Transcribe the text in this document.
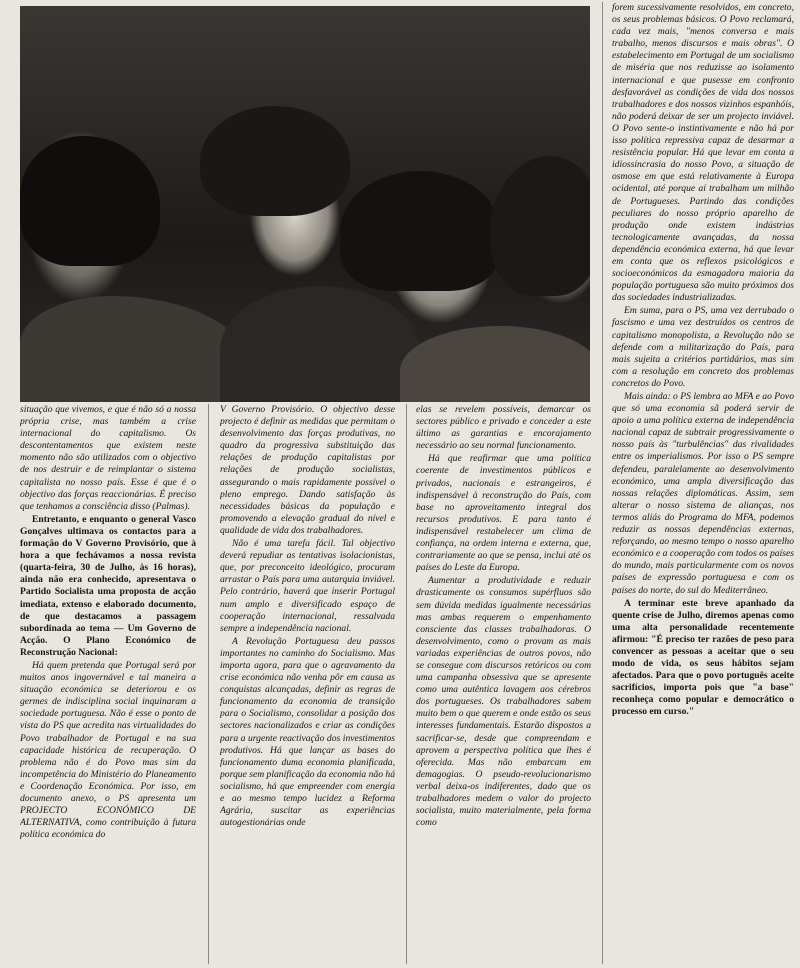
situação que vivemos, e que é não só a nossa própria crise, mas também a crise internacional do capitalismo. Os descontentamentos que existem neste momento não são utilizados com o objectivo de nos destruir e de reimplantar o sistema capitalista no nosso país. Esse é que é o objectivo das forças reaccionárias. É preciso que tenhamos a consciência disso (Palmas).

Entretanto, e enquanto o general Vasco Gonçalves ultimava os contactos para a formação do V Governo Provisório, que à hora a que fechávamos a nossa revista (quarta-feira, 30 de Julho, às 16 horas), ainda não era conhecido, apresentava o Partido Socialista uma proposta de acção imediata, extenso e elaborado documento, de que destacamos a passagem subordinada ao tema — Um Governo de Acção. O Plano Económico de Reconstrução Nacional:

Há quem pretenda que Portugal será por muitos anos ingovernável e tal maneira a situação económica se deteriorou e os germes de indisciplina social inquinaram a sociedade portuguesa. Não é esse o ponto de vista do PS que acredita nas virtualidades do Povo trabalhador de Portugal e na sua capacidade histórica de recuperação. O problema não é do Povo mas sim da incompetência do Ministério do Planeamento e Coordenação Económica. Por isso, em documento anexo, o PS apresenta um PROJECTO ECONÓMICO DE ALTERNATIVA, como contribuição à futura política económica do

V Governo Provisório. O objectivo desse projecto é definir as medidas que permitam o desenvolvimento das forças produtivas, no quadro da progressiva substituição das relações de produção capitalistas por relações de produção socialistas, assegurando o mais rapidamente possível o pleno emprego. Dando satisfação às necessidades básicas da população e promovendo a elevação gradual do nível e qualidade de vida dos trabalhadores.

Não é uma tarefa fácil. Tal objectivo deverá repudiar as tentativas isolacionistas, que, por preconceito ideológico, procuram arrastar o País para uma autarquia inviável. Pelo contrário, haverá que inserir Portugal num amplo e diversificado espaço de cooperação internacional, ressalvada sempre a independência nacional.

A Revolução Portuguesa deu passos importantes no caminho do Socialismo. Mas importa agora, para que o agravamento da crise económica não venha pôr em causa as conquistas alcançadas, definir as regras de funcionamento da economia de transição para o Socialismo, consolidar a posição dos sectores nacionalizados e criar as condições para a urgente reactivação dos investimentos produtivos. Há que lançar as bases do funcionamento duma economia planificada, porque sem planificação da economia não há socialismo, há que empreender com energia e ao mesmo tempo lucidez a Reforma Agrária, suscitar as experiências autogestionárias onde

elas se revelem possíveis, demarcar os sectores público e privado e conceder a este último as garantias e encorajamento necessário ao seu normal funcionamento.

Há que reafirmar que uma política coerente de investimentos públicos e privados, nacionais e estrangeiros, é indispensável à reconstrução do País, com base no aproveitamento integral dos recursos produtivos. E para tanto é indispensável restabelecer um clima de confiança, na ordem interna e externa, que, contrariamente ao que se pensa, inclui até os países do Leste da Europa.

Aumentar a produtividade e reduzir drasticamente os consumos supérfluos são sem dúvida medidas igualmente necessárias mas ambas requerem o empenhamento consciente das classes trabalhadoras. O desenvolvimento, como o provam as mais variadas experiências de outros povos, não se consegue com discursos retóricos ou com uma campanha obsessiva que se apresente como uma autêntica lavagem aos cérebros dos portugueses. Os trabalhadores sabem muito bem o que querem e onde estão os seus interesses fundamentais. Estarão dispostos a sacrificar-se, desde que compreendam e aprovem a perspectiva política que lhes é oferecida. Mas não embarcam em demagogias. O pseudo-revolucionarismo verbal deixa-os indiferentes, dado que os trabalhadores medem o valor do projecto socialista, muito materialmente, pela forma como

forem sucessivamente resolvidos, em concreto, os seus problemas básicos. O Povo reclamará, cada vez mais, "menos conversa e mais trabalho, menos discursos e mais obras". O estabelecimento em Portugal de um socialismo de miséria que nos reduzisse ao isolamento internacional e que pusesse em confronto desfavorável as condições de vida dos nossos trabalhadores e dos nossos vizinhos espanhóis, não poderá deixar de ser um projecto inviável. O Povo sente-o instintivamente e não há por isso política repressiva capaz de desarmar a resistência popular. Há que levar em conta a idiossincrasia do nosso Povo, a situação de osmose em que está relativamente à Europa ocidental, até porque aí trabalham um milhão de Portugueses. Partindo das condições peculiares do nosso próprio aparelho de produção onde existem indústrias tecnologicamente avançadas, da nossa dependência económica externa, há que levar em conta que os reflexos psicológicos e socioeconómicos da esmagadora maioria da população portuguesa são muito próximos dos das sociedades industrializadas.

Em suma, para o PS, uma vez derrubado o fascismo e uma vez destruídos os centros de capitalismo monopolista, a Revolução não se defende com a militarização do País, para mais sujeita a critérios partidários, mas sim com a resolução em concreto dos problemas concretos do Povo.

Mais ainda: o PS lembra ao MFA e ao Povo que só uma economia sã poderá servir de apoio a uma política externa de independência nacional capaz de subtrair progressivamente o nosso país às "turbulências" das rivalidades entre os imperialismos. Por isso o PS sempre defendeu, paralelamente ao desenvolvimento económico, uma ampla diversificação das nossas relações diplomáticas. Assim, sem alterar o nosso sistema de alianças, nos termos aliás do Programa do MFA, podemos reduzir as nossas dependências externas, reforçando, ao mesmo tempo o nosso aparelho económico e a cooperação com todos os países do mundo, mais particularmente com os novos países de expressão portuguesa e com os países do norte, do sul do Mediterrâneo.

A terminar este breve apanhado da quente crise de Julho, diremos apenas como uma alta personalidade recentemente afirmou: "É preciso ter razões de peso para convencer as pessoas a aceitar que o seu modo de vida, os seus hábitos sejam afectados. Para que o povo português aceite sacrifícios, importa pois que "a base" reconheça como popular e democrático o processo em curso."
